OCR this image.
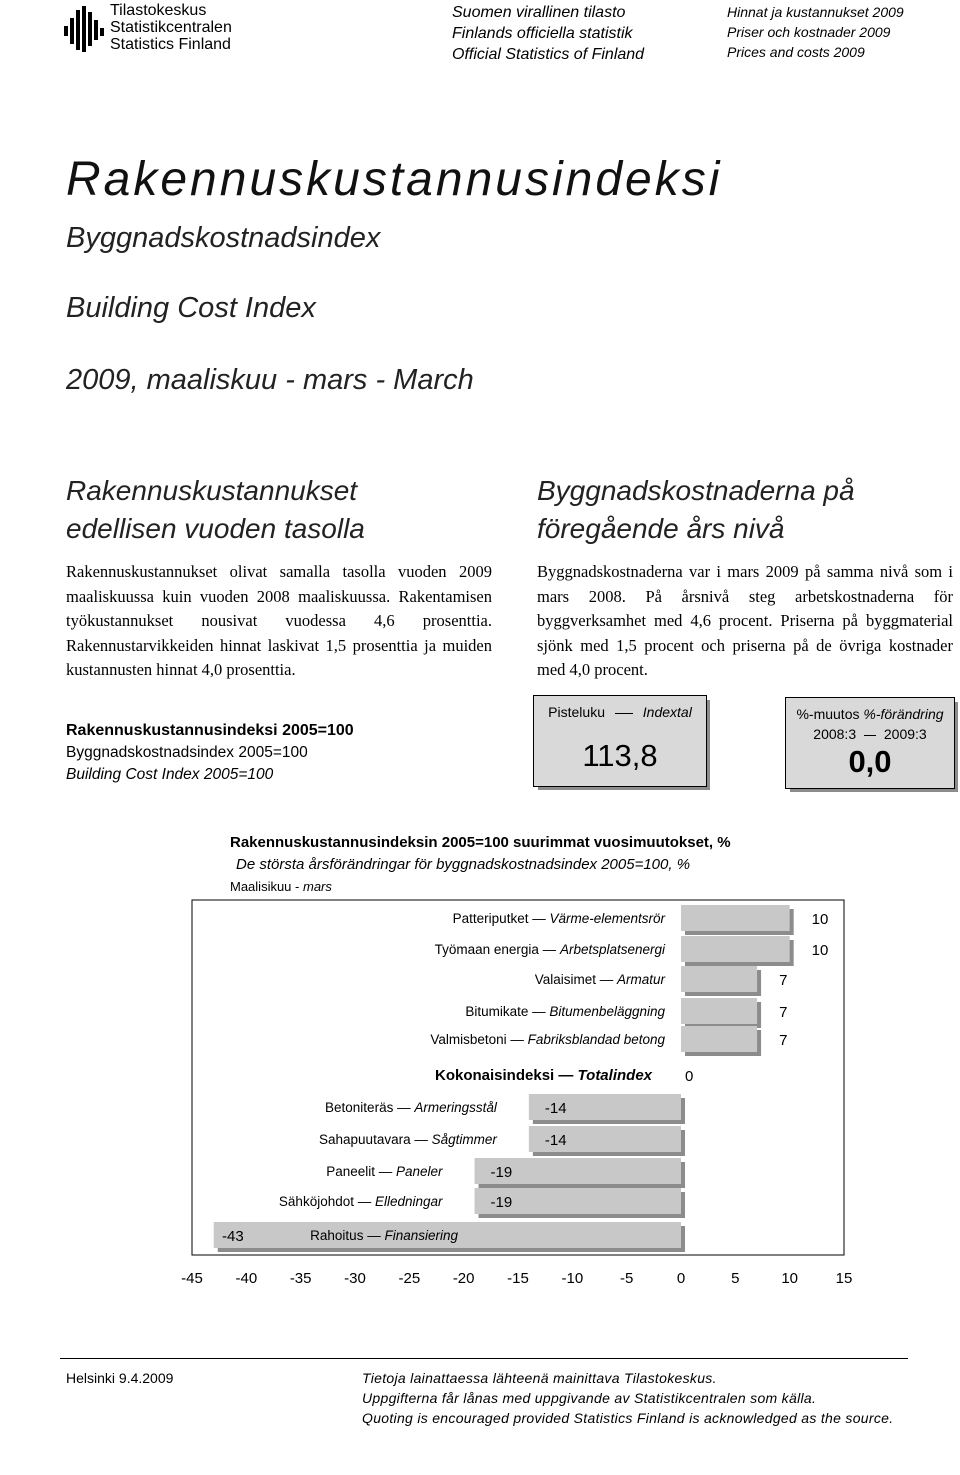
Tilastokeskus
Statistikcentralen
Statistics Finland
Suomen virallinen tilasto
Finlands officiella statistik
Official Statistics of Finland
Hinnat ja kustannukset 2009
Priser och kostnader 2009
Prices and costs 2009
Rakennuskustannusindeksi
Byggnadskostnadsindex
Building Cost Index
2009, maaliskuu - mars - March
Rakennuskustannukset
edellisen vuoden tasolla
Rakennuskustannukset olivat samalla tasolla vuoden 2009 maaliskuussa kuin vuoden 2008 maaliskuussa. Rakentamisen työkustannukset nousivat vuodessa 4,6 prosenttia. Rakennustarvikkeiden hinnat laskivat 1,5 prosenttia ja muiden kustannusten hinnat 4,0 prosenttia.
Byggnadskostnaderna på
föregående års nivå
Byggnadskostnaderna var i mars 2009 på samma nivå som i mars 2008. På årsnivå steg arbetskostnaderna för byggverksamhet med 4,6 procent. Priserna på byggmaterial sjönk med 1,5 procent och priserna på de övriga kostnader med 4,0 procent.
Rakennuskustannusindeksi 2005=100
Byggnadskostnadsindex 2005=100
Building Cost Index 2005=100
Pisteluku	Indextal
113,8
%-muutos %-förändring
2008:3 2009:3
0,0
Rakennuskustannusindeksin 2005=100 suurimmat vuosimuutokset, %
De största årsförändringar för byggnadskostnadsindex 2005=100, %
Maalisikuu - mars
10
Patteriputket — Värme-elementsrör
10
Työmaan energia — Arbetsplatsenergi
7
Valaisimet — Armatur
7
Bitumikate — Bitumenbeläggning
7
Valmisbetoni — Fabriksblandad betong
0
Kokonaisindeksi — Totalindex
-14
Betoniteräs — Armeringsstål
-14
Sahapuutavara — Sågtimmer
-19
Paneelit — Paneler
-19
Sähköjohdot — Elledningar
-43	Rahoitus — Finansiering
-45 -40 -35 -30 -25 -20 -15 -10 -5	0	5	10	15
Helsinki 9.4.2009	Tietoja lainattaessa lähteenä mainittava Tilastokeskus.
Uppgifterna får lånas med uppgivande av Statistikcentralen som källa.
Quoting is encouraged provided Statistics Finland is acknowledged as the source.
